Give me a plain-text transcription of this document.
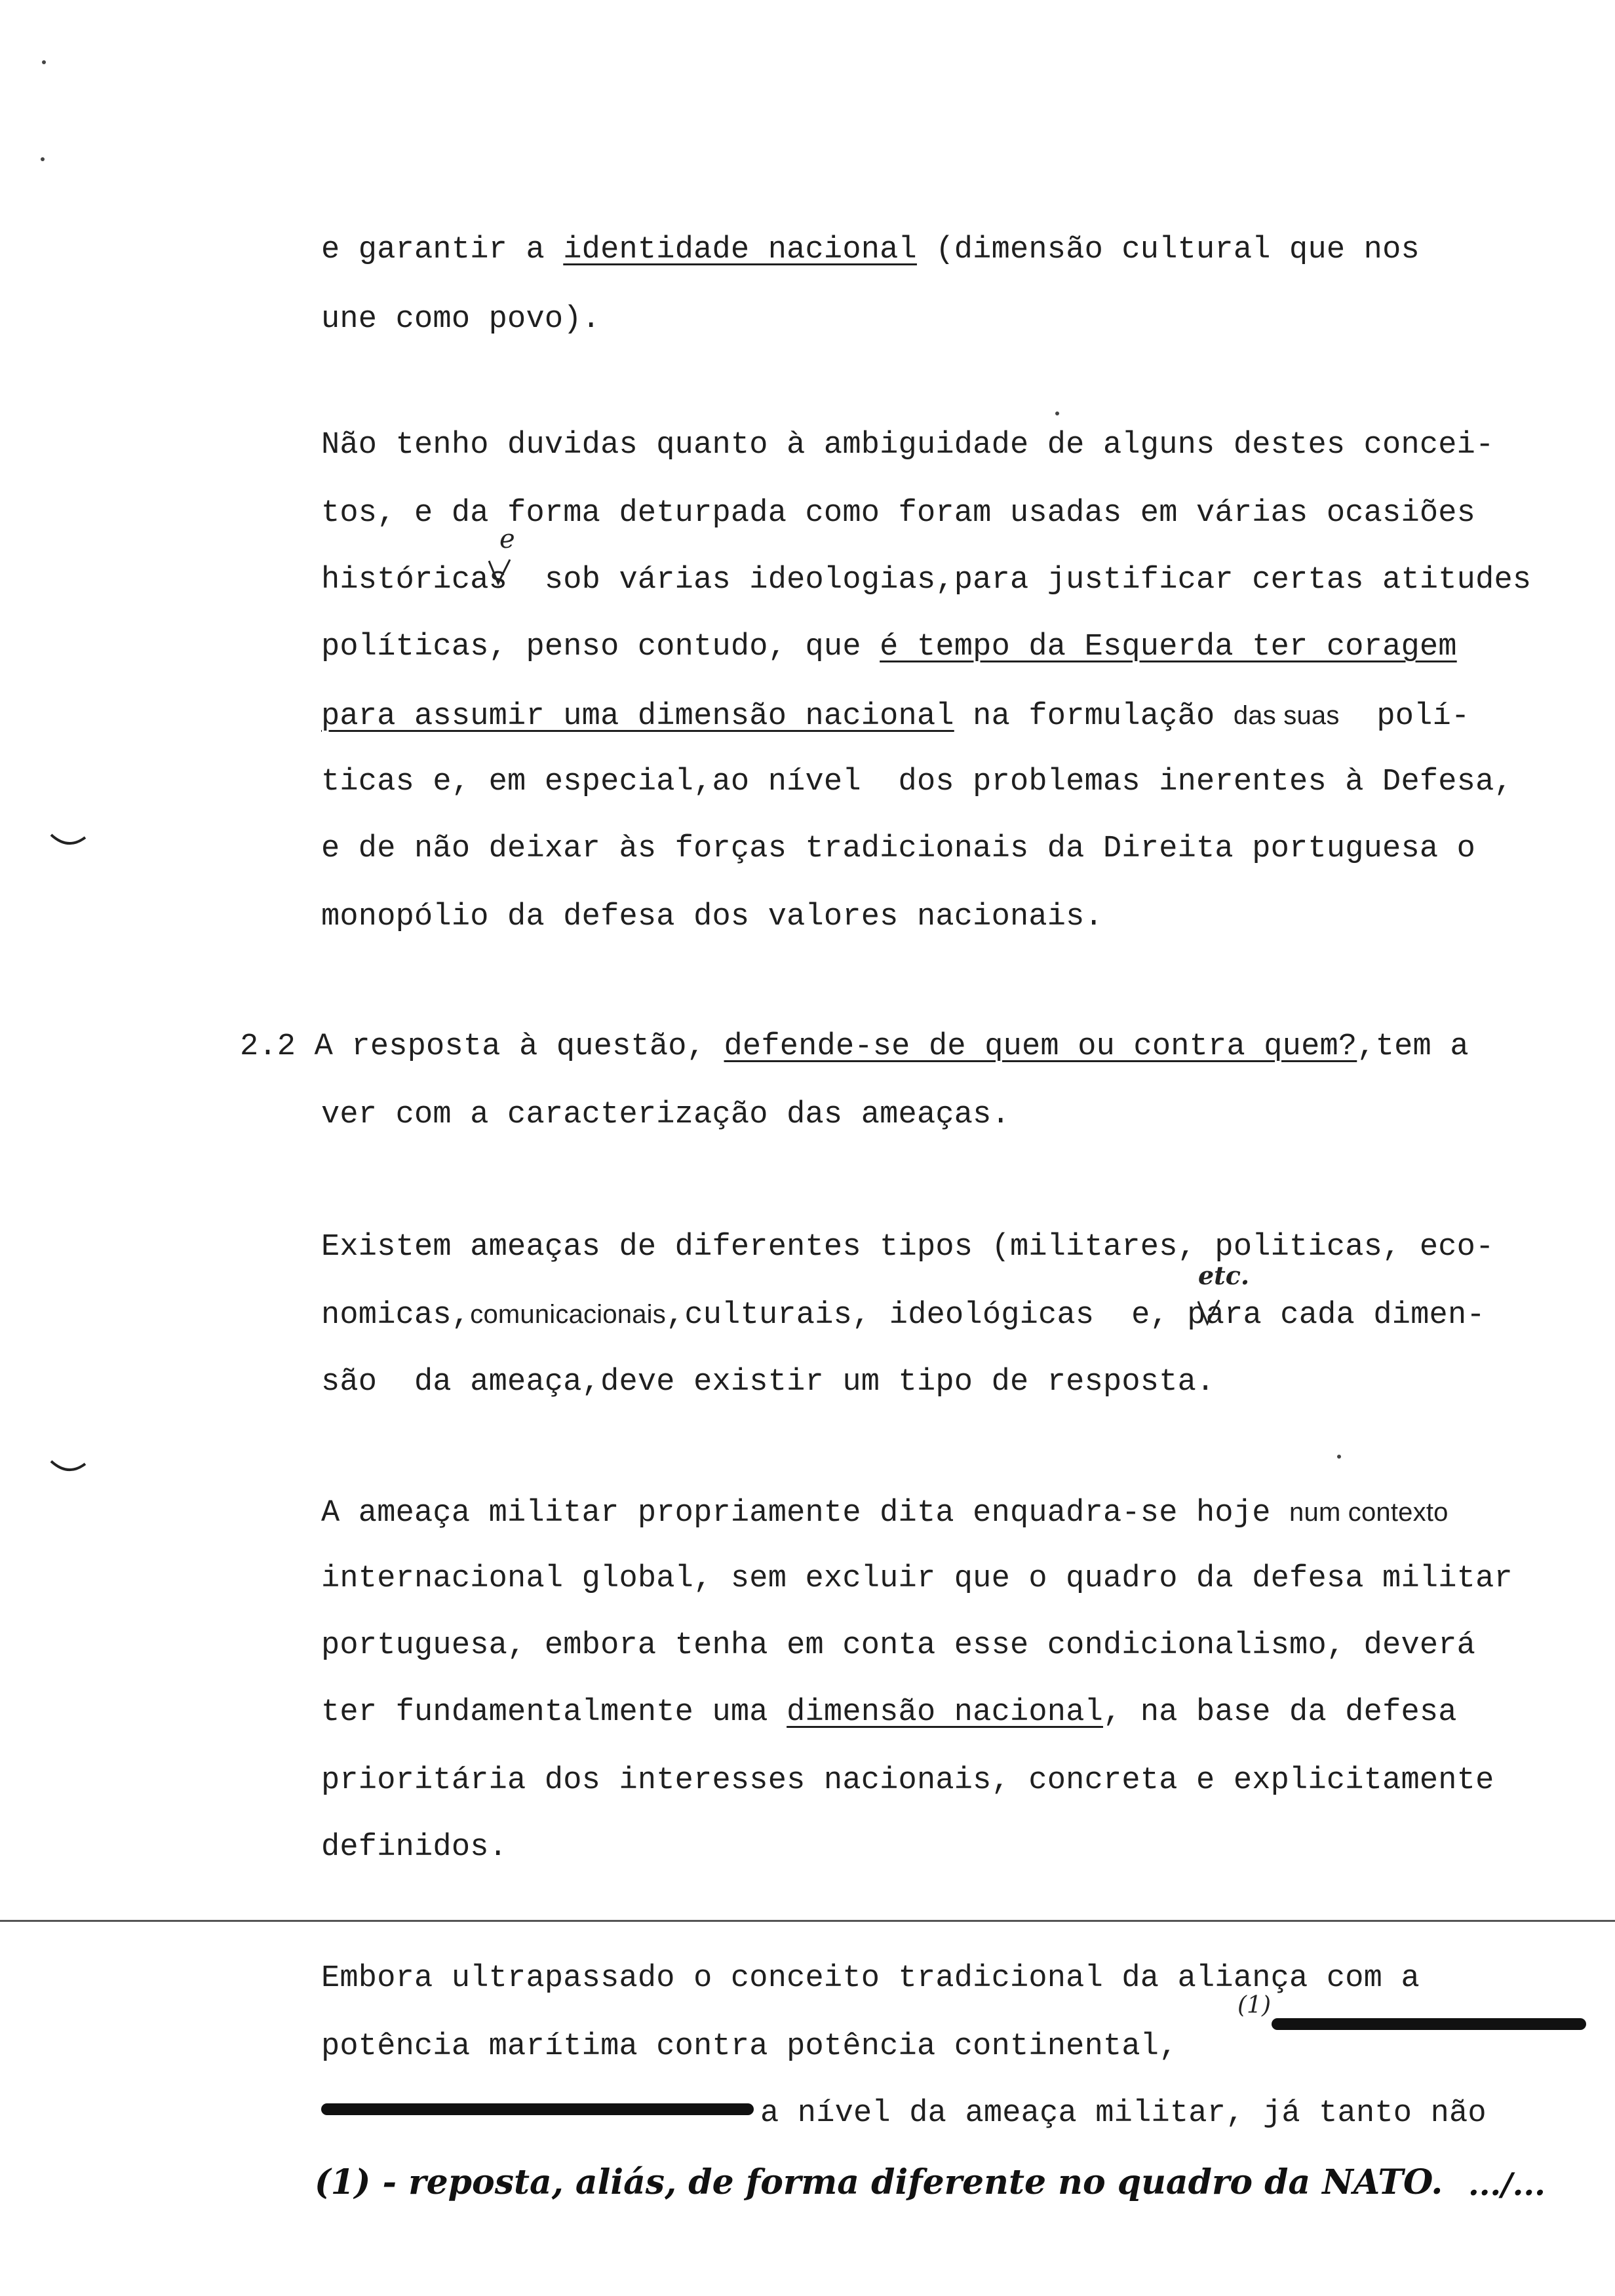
e garantir a identidade nacional (dimensão cultural que nos
une como povo).
Não tenho duvidas quanto à ambiguidade de alguns destes concei-
tos, e da forma deturpada como foram usadas em várias ocasiões
históricas  sob várias ideologias,para justificar certas atitudes
políticas, penso contudo, que é tempo da Esquerda ter coragem
para assumir uma dimensão nacional na formulação das suas  polí-
ticas e, em especial,ao nível  dos problemas inerentes à Defesa,
e de não deixar às forças tradicionais da Direita portuguesa o
monopólio da defesa dos valores nacionais.
2.2 A resposta à questão, defende-se de quem ou contra quem?,tem a
ver com a caracterização das ameaças.
Existem ameaças de diferentes tipos (militares, politicas, eco-
nomicas,comunicacionais,culturais, ideológicas  e, para cada dimen-
são  da ameaça,deve existir um tipo de resposta.
A ameaça militar propriamente dita enquadra-se hoje num contexto
internacional global, sem excluir que o quadro da defesa militar
portuguesa, embora tenha em conta esse condicionalismo, deverá
ter fundamentalmente uma dimensão nacional, na base da defesa
prioritária dos interesses nacionais, concreta e explicitamente
definidos.
Embora ultrapassado o conceito tradicional da aliança com a
potência marítima contra potência continental,
a nível da ameaça militar, já tanto não
e
etc.
(1)
(1) - reposta, aliás, de forma diferente no quadro da NATO. .../...
